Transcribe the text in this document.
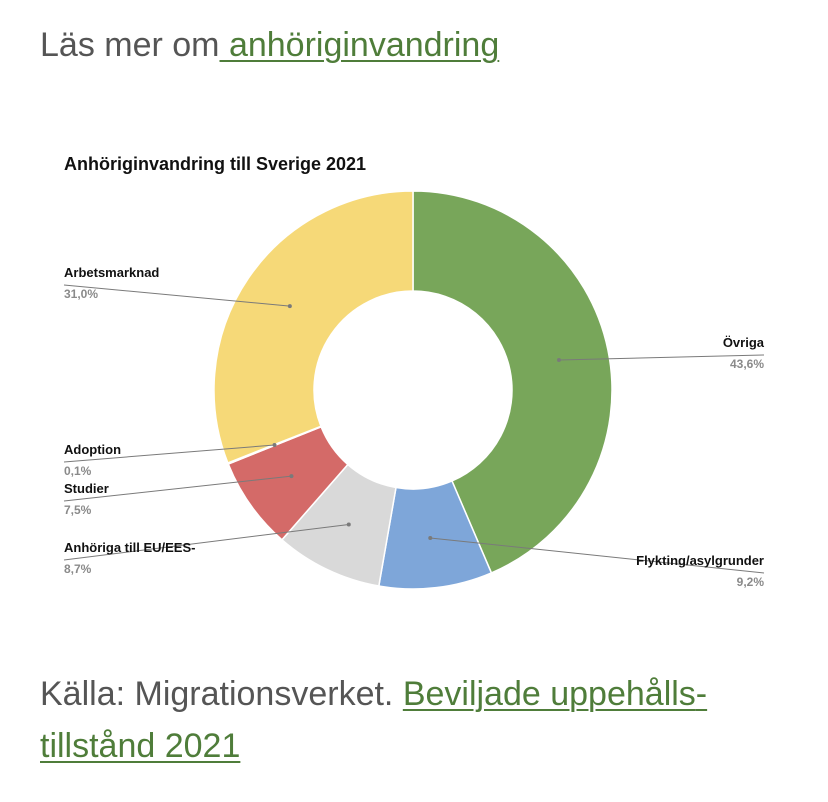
Läs mer om anhöriginvandring
Anhöriginvandring till Sverige 2021
Övriga
43,6%
Flykting/asylgrunder
9,2%
Anhöriga till EU/EES-
8,7%
Studier
7,5%
Adoption
0,1%
Arbetsmarknad
31,0%
Källa: Migrationsverket. Beviljade uppehållstillstånd 2021
